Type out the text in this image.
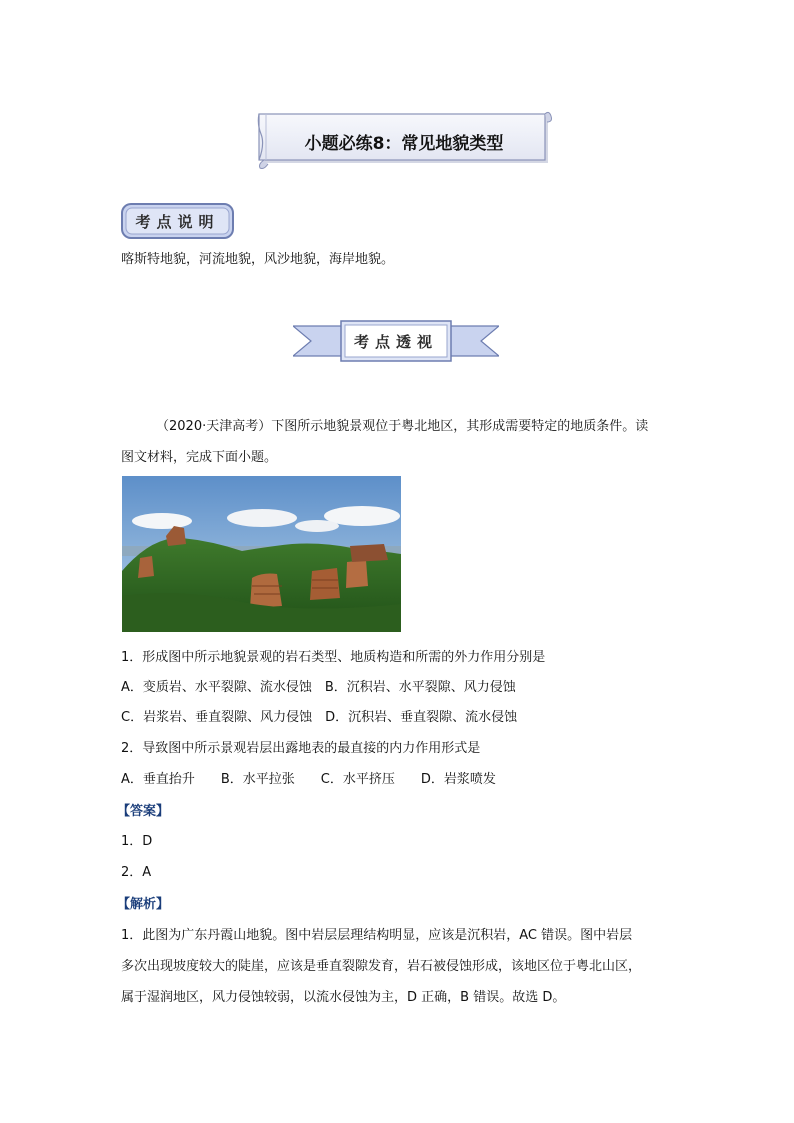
小题必练8：常见地貌类型
考点说明
喀斯特地貌，河流地貌，风沙地貌，海岸地貌。
考点透视
（2020·天津高考）下图所示地貌景观位于粤北地区，其形成需要特定的地质条件。读
图文材料，完成下面小题。
1．形成图中所示地貌景观的岩石类型、地质构造和所需的外力作用分别是
A．变质岩、水平裂隙、流水侵蚀　B．沉积岩、水平裂隙、风力侵蚀
C．岩浆岩、垂直裂隙、风力侵蚀　D．沉积岩、垂直裂隙、流水侵蚀
2．导致图中所示景观岩层出露地表的最直接的内力作用形式是
A．垂直抬升　　B．水平拉张　　C．水平挤压　　D．岩浆喷发
【答案】
1．D
2．A
【解析】
1．此图为广东丹霞山地貌。图中岩层层理结构明显，应该是沉积岩，AC 错误。图中岩层
多次出现坡度较大的陡崖，应该是垂直裂隙发育，岩石被侵蚀形成，该地区位于粤北山区，
属于湿润地区，风力侵蚀较弱，以流水侵蚀为主，D 正确，B 错误。故选 D。
